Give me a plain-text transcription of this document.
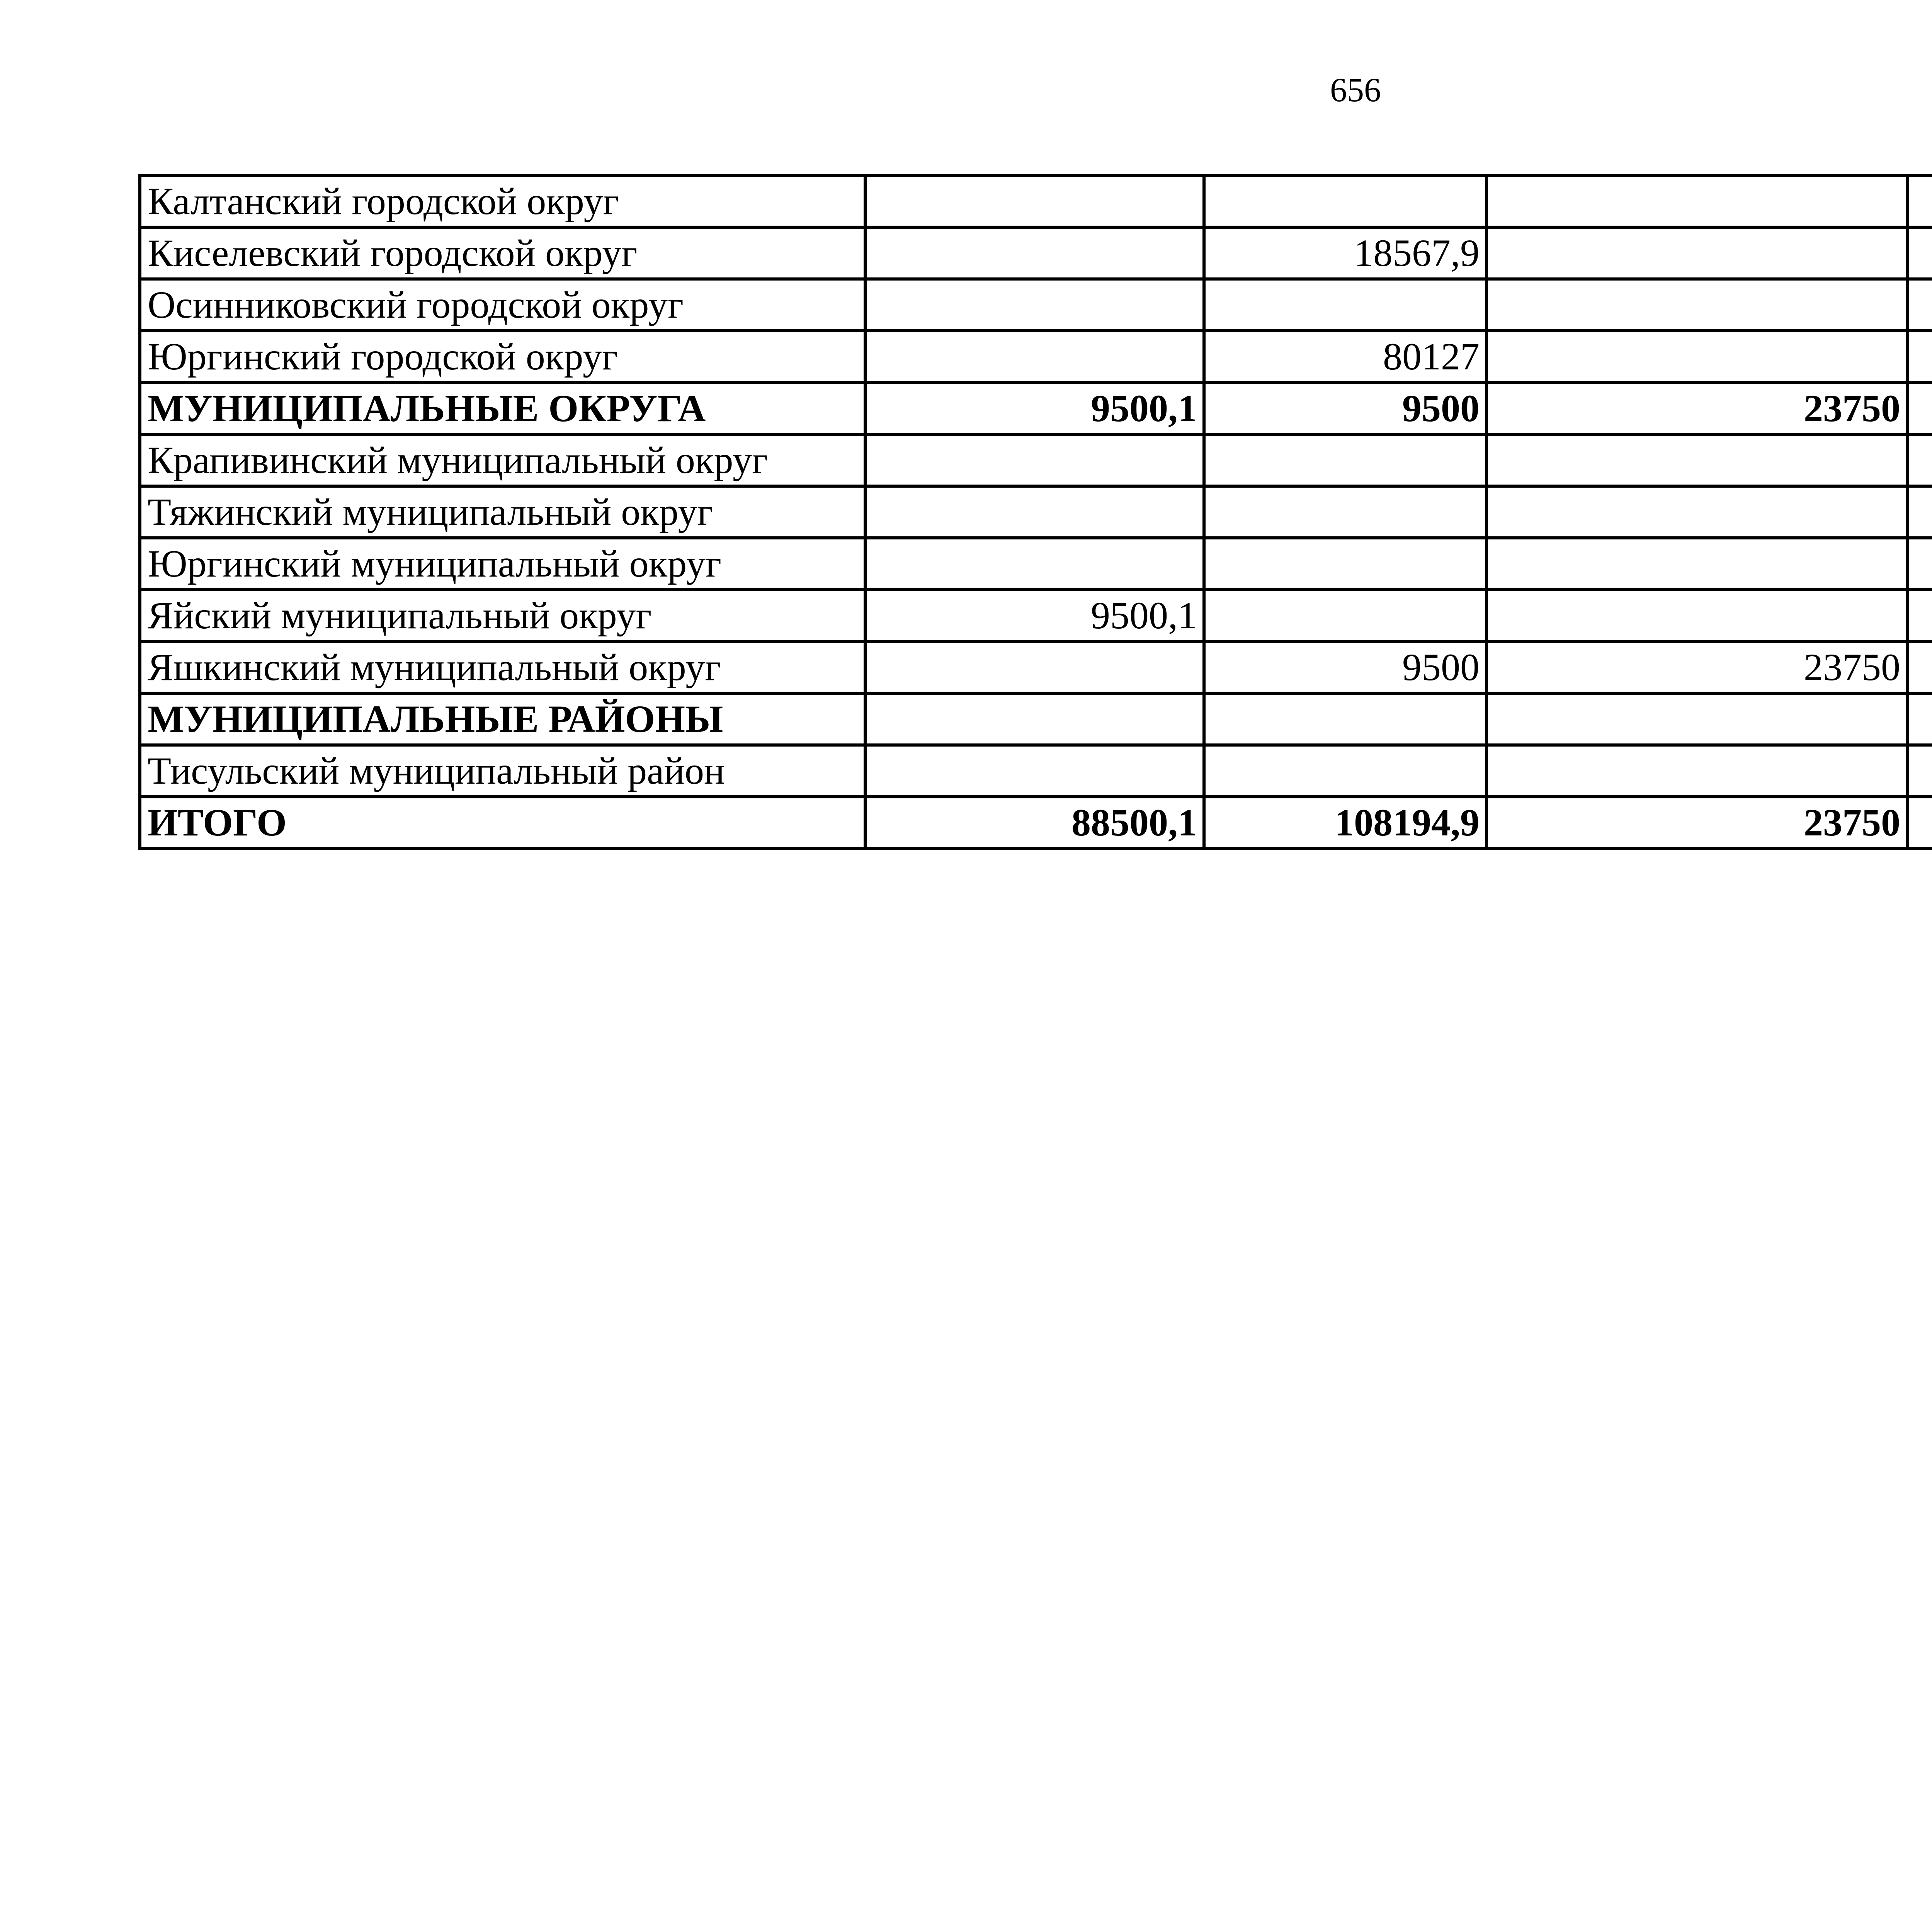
656
Калтанский городской округ						
Киселевский городской округ		18567,9				
Осинниковский городской округ						
Юргинский городской округ		80127				
МУНИЦИПАЛЬНЫЕ ОКРУГА	9500,1	9500	23750			
Крапивинский муниципальный округ						
Тяжинский муниципальный округ						
Юргинский муниципальный округ						
Яйский муниципальный округ	9500,1					
Яшкинский муниципальный округ		9500	23750			
МУНИЦИПАЛЬНЫЕ РАЙОНЫ						
Тисульский муниципальный район						
ИТОГО	88500,1	108194,9	23750			
